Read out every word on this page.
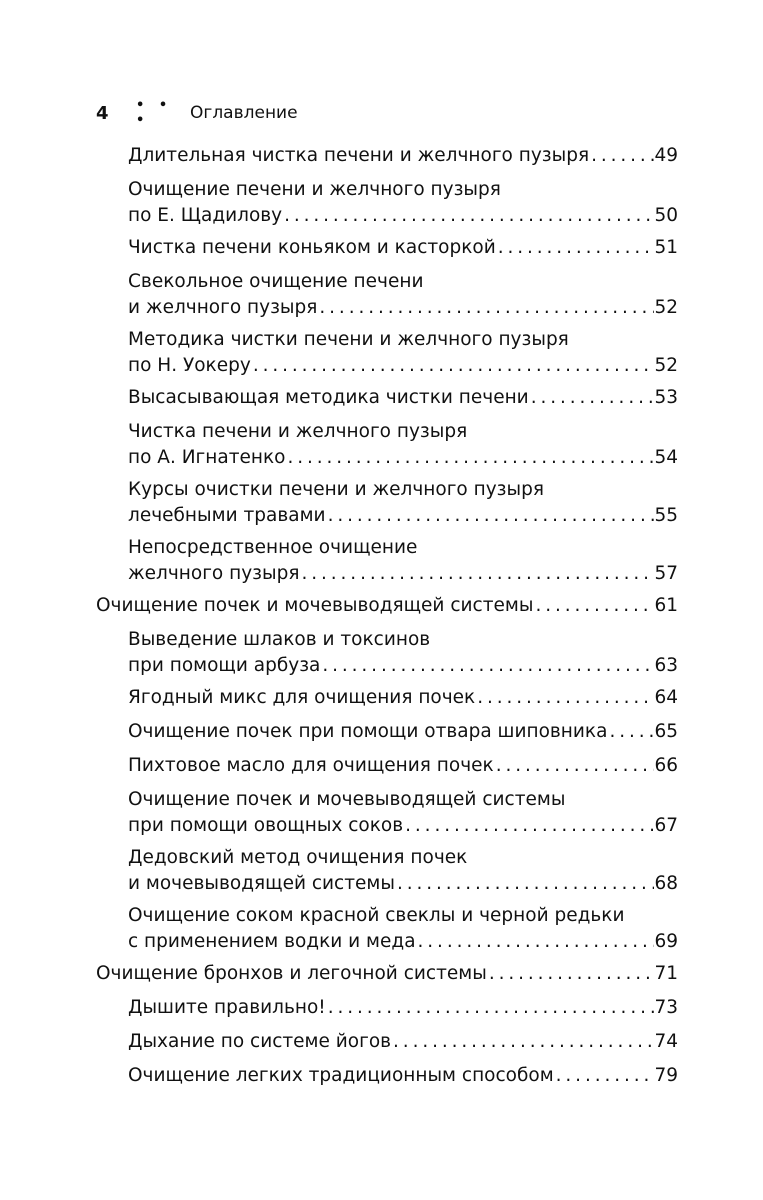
4	• • •	Оглавление
Длительная чистка печени и желчного пузыря . . .	49
Очищение печени и желчного пузыря
по Е. Щадилову . . .	50
Чистка печени коньяком и касторкой . . .	51
Свекольное очищение печени
и желчного пузыря . . .	52
Методика чистки печени и желчного пузыря
по Н. Уокеру . . .	52
Высасывающая методика чистки печени . . .	53
Чистка печени и желчного пузыря
по А. Игнатенко . . .	54
Курсы очистки печени и желчного пузыря
лечебными травами . . .	55
Непосредственное очищение
желчного пузыря . . .	57
Очищение почек и мочевыводящей системы . . .	61
Выведение шлаков и токсинов
при помощи арбуза . . .	63
Ягодный микс для очищения почек . . .	64
Очищение почек при помощи отвара шиповника . . .	65
Пихтовое масло для очищения почек . . .	66
Очищение почек и мочевыводящей системы
при помощи овощных соков . . .	67
Дедовский метод очищения почек
и мочевыводящей системы . . .	68
Очищение соком красной свеклы и черной редьки
с применением водки и меда . . .	69
Очищение бронхов и легочной системы . . .	71
Дышите правильно! . . .	73
Дыхание по системе йогов . . .	74
Очищение легких традиционным способом . . .	79
